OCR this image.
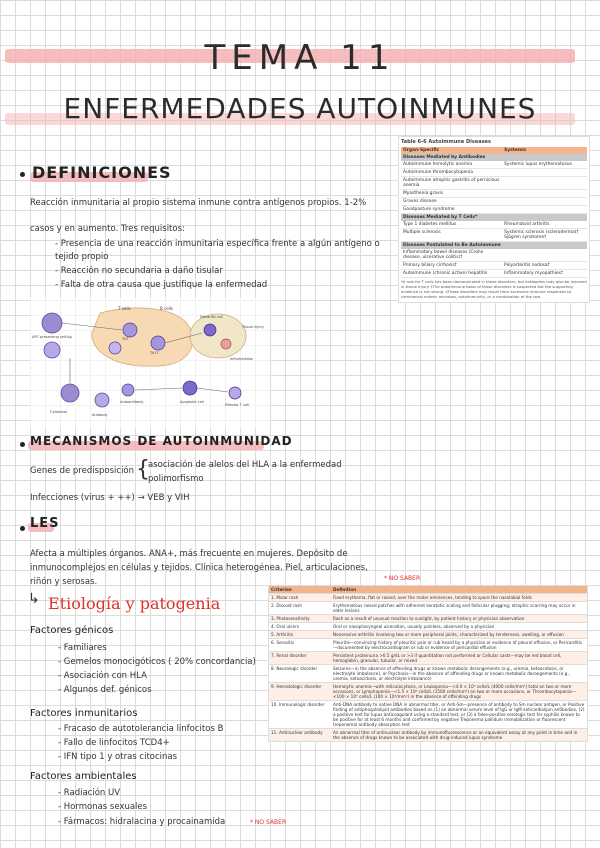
TEMA 11
ENFERMEDADES AUTOINMUNES
DEFINICIONES
Reacción inmunitaria al propio sistema inmune contra antígenos propios. 1-2%
casos y en aumento. Tres requisitos:
- Presencia de una reacción inmunitaria específica frente a algún antígeno o
tejido propio
- Reacción no secundaria a daño tisular
- Falta de otra causa que justifique la enfermedad
Table 6-6 Autoimmune Diseases
Organ-Specific	Systemic
Diseases Mediated by Antibodies	
Autoimmune hemolytic anemia	Systemic lupus erythematosus
Autoimmune thrombocytopenia	
Autoimmune atrophic gastritis of pernicious anemia	
Myasthenia gravis	
Graves disease	
Goodpasture syndrome	
Diseases Mediated by T Cells*	
Type 1 diabetes mellitus	Rheumatoid arthritis
Multiple sclerosis	Systemic sclerosis (scleroderma)† Sjögren syndrome†
Diseases Postulated to Be Autoimmune	
Inflammatory bowel diseases (Crohn disease, ulcerative colitis)†	
Primary biliary cirrhosis†	Polyarteritis nodosa†
Autoimmune (chronic active) hepatitis	Inflammatory myopathies†
*A role for T cells has been demonstrated in these disorders, but antibodies may also be involved in tissue injury. †The autoimmune basis of these disorders is suspected but the supporting evidence is not strong. ‡These disorders may result from excessive immune responses to commensal enteric microbes, autoimmunity, or a combination of the two.
T cells	B cells
APC presenting self-Ag	Th1
Th17
Dendritic cell
Inflammation
Tissue injury
Cytokines
Antibody
Autoantibody	Apoptotic cell
Effector T cell
MECANISMOS DE AUTOINMUNIDAD
Genes de predisposición {
asociación de alelos del HLA a la enfermedad
polimorfismo
Infecciones (virus + ++) → VEB y VIH
LES
Afecta a múltiples órganos. ANA+, más frecuente en mujeres. Depósito de
inmunocomplejos en células y tejidos. Clínica heterogénea. Piel, articulaciones,
riñón y serosas.	* NO SABER
↳ Etiología y patogenia
Factores génicos
- Familiares
- Gemelos monocigóticos ( 20% concordancia)
- Asociación con HLA
- Algunos def. génicos
Factores inmunitarios
- Fracaso de autotolerancia linfocitos B
- Fallo de linfocitos TCD4+
- IFN tipo 1 y otras citocinas
Factores ambientales
- Radiación UV
- Hormonas sexuales
- Fármacos: hidralacina y procainamida	* NO SABER
Criterion	Definition
1. Malar rash	Fixed erythema, flat or raised, over the malar eminences, tending to spare the nasolabial folds
2. Discoid rash	Erythematous raised patches with adherent keratotic scaling and follicular plugging; atrophic scarring may occur in older lesions
3. Photosensitivity	Rash as a result of unusual reaction to sunlight, by patient history or physician observation
4. Oral ulcers	Oral or nasopharyngeal ulceration, usually painless, observed by a physician
5. Arthritis	Nonerosive arthritis involving two or more peripheral joints, characterized by tenderness, swelling, or effusion
6. Serositis	Pleuritis—convincing history of pleuritic pain or rub heard by a physician or evidence of pleural effusion, or Pericarditis—documented by electrocardiogram or rub or evidence of pericardial effusion
7. Renal disorder	Persistent proteinuria >0.5 g/dL or >3 if quantitation not performed or Cellular casts—may be red blood cell, hemoglobin, granular, tubular, or mixed
8. Neurologic disorder	Seizures—in the absence of offending drugs or known metabolic derangements (e.g., uremia, ketoacidosis, or electrolyte imbalance), or Psychosis—in the absence of offending drugs or known metabolic derangements (e.g., uremia, ketoacidosis, or electrolyte imbalance)
9. Hematologic disorder	Hemolytic anemia—with reticulocytosis, or Leukopenia—<4.0 × 10⁹ cells/L (4000 cells/mm³) total on two or more occasions, or Lymphopenia—<1.5 × 10⁹ cells/L (1500 cells/mm³) on two or more occasions, or Thrombocytopenia—<100 × 10⁹ cells/L (100 × 10³/mm³) in the absence of offending drugs
10. Immunologic disorder	Anti-DNA antibody to native DNA in abnormal titer, or Anti-Sm—presence of antibody to Sm nuclear antigen, or Positive finding of antiphospholipid antibodies based on (1) an abnormal serum level of IgG or IgM anticardiolipin antibodies, (2) a positive test for lupus anticoagulant using a standard test, or (3) a false-positive serologic test for syphilis known to be positive for at least 6 months and confirmed by negative Treponema pallidum immobilization or fluorescent treponemal antibody absorption test
11. Antinuclear antibody	An abnormal titer of antinuclear antibody by immunofluorescence or an equivalent assay at any point in time and in the absence of drugs known to be associated with drug-induced lupus syndrome
